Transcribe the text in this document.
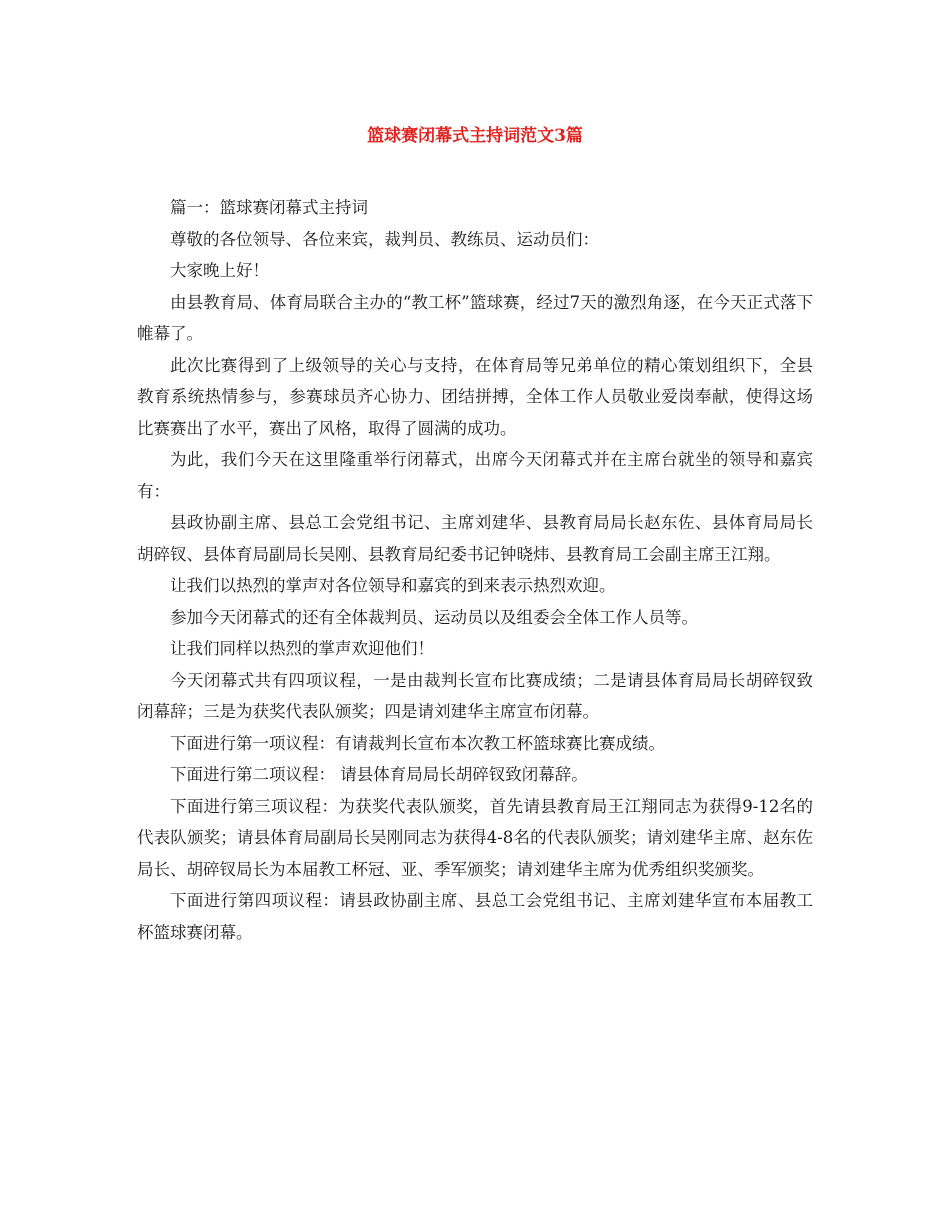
篮球赛闭幕式主持词范文3篇

篇一：篮球赛闭幕式主持词

尊敬的各位领导、各位来宾，裁判员、教练员、运动员们：

大家晚上好！

由县教育局、体育局联合主办的“教工杯”篮球赛，经过7天的激烈角逐，在今天正式落下帷幕了。

此次比赛得到了上级领导的关心与支持，在体育局等兄弟单位的精心策划组织下，全县教育系统热情参与，参赛球员齐心协力、团结拼搏，全体工作人员敬业爱岗奉献，使得这场比赛赛出了水平，赛出了风格，取得了圆满的成功。

为此，我们今天在这里隆重举行闭幕式，出席今天闭幕式并在主席台就坐的领导和嘉宾有：

县政协副主席、县总工会党组书记、主席刘建华、县教育局局长赵东佐、县体育局局长胡碎钗、县体育局副局长吴刚、县教育局纪委书记钟晓炜、县教育局工会副主席王江翔。

让我们以热烈的掌声对各位领导和嘉宾的到来表示热烈欢迎。

参加今天闭幕式的还有全体裁判员、运动员以及组委会全体工作人员等。

让我们同样以热烈的掌声欢迎他们！

今天闭幕式共有四项议程，一是由裁判长宣布比赛成绩；二是请县体育局局长胡碎钗致闭幕辞；三是为获奖代表队颁奖；四是请刘建华主席宣布闭幕。

下面进行第一项议程：有请裁判长宣布本次教工杯篮球赛比赛成绩。

下面进行第二项议程： 请县体育局局长胡碎钗致闭幕辞。

下面进行第三项议程：为获奖代表队颁奖，首先请县教育局王江翔同志为获得9-12名的代表队颁奖；请县体育局副局长吴刚同志为获得4-8名的代表队颁奖；请刘建华主席、赵东佐局长、胡碎钗局长为本届教工杯冠、亚、季军颁奖；请刘建华主席为优秀组织奖颁奖。

下面进行第四项议程：请县政协副主席、县总工会党组书记、主席刘建华宣布本届教工杯篮球赛闭幕。
